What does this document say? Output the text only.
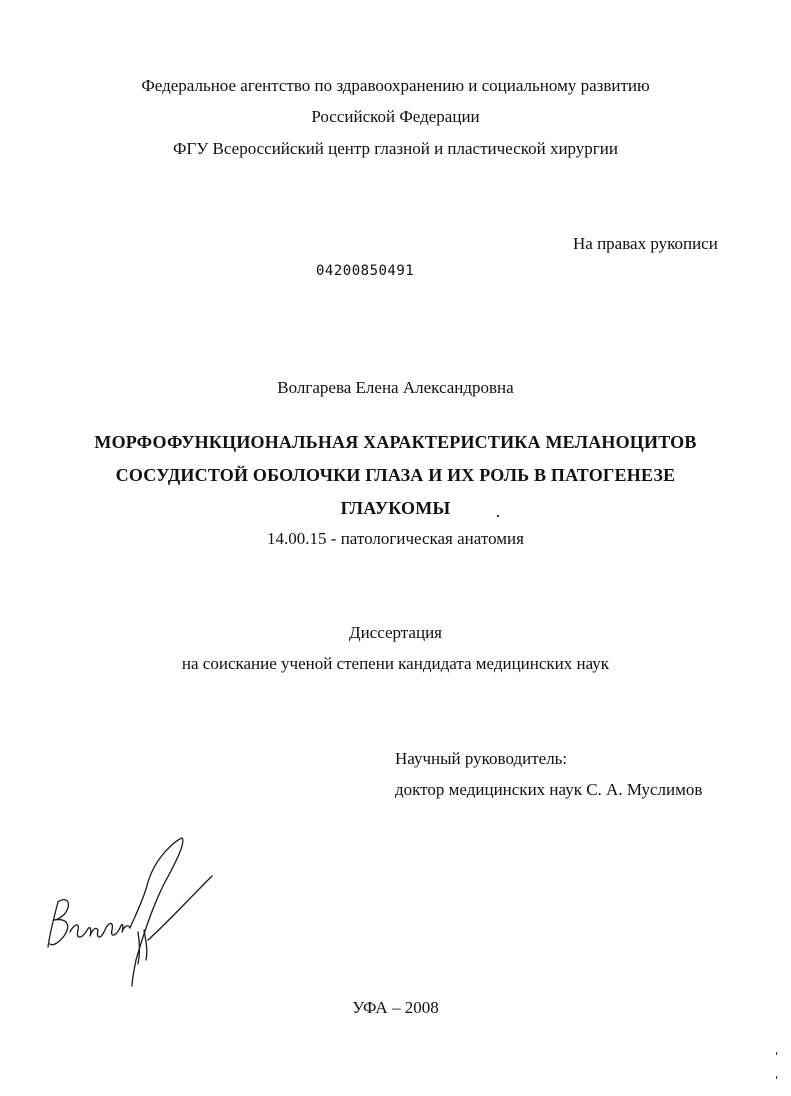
Федеральное агентство по здравоохранению и социальному развитию
Российской Федерации
ФГУ Всероссийский центр глазной и пластической хирургии
На правах рукописи
04200850491
Волгарева Елена Александровна
МОРФОФУНКЦИОНАЛЬНАЯ ХАРАКТЕРИСТИКА МЕЛАНОЦИТОВ
СОСУДИСТОЙ ОБОЛОЧКИ ГЛАЗА И ИХ РОЛЬ В ПАТОГЕНЕЗЕ
ГЛАУКОМЫ
14.00.15 - патологическая анатомия
Диссертация
на соискание ученой степени кандидата медицинских наук
Научный руководитель:
доктор медицинских наук С. А. Муслимов
Волгарева
УФА – 2008
